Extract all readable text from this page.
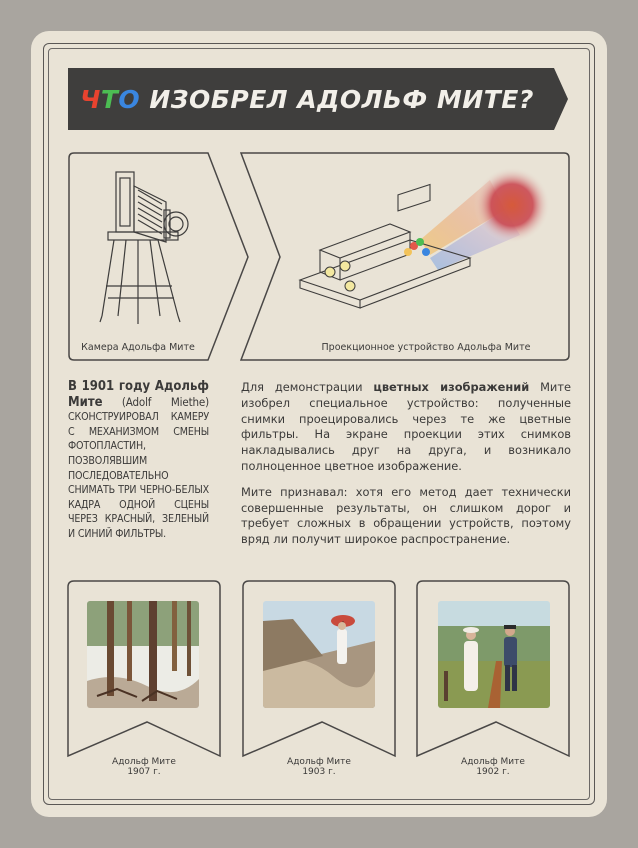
Ч Т О ИЗОБРЕЛ АДОЛЬФ МИТЕ?
Камера Адольфа Мите	Проекционное устройство Адольфа Мите
В 1901 году Адольф Мите (Adolf Miethe) СКОНСТРУИРОВАЛ КАМЕРУ С МЕХАНИЗМОМ СМЕНЫ ФОТОПЛАСТИН, ПОЗВОЛЯВШИМ ПОСЛЕДОВАТЕЛЬНО СНИМАТЬ ТРИ ЧЕРНО-БЕЛЫХ КАДРА ОДНОЙ СЦЕНЫ ЧЕРЕЗ КРАСНЫЙ, ЗЕЛЕНЫЙ И СИНИЙ ФИЛЬТРЫ.

Для демонстрации цветных изображений Мите изобрел специальное устройство: полученные снимки проецировались через те же цветные фильтры. На экране проекции этих снимков накладывались друг на друга, и возникало полноценное цветное изображение.

Мите признавал: хотя его метод дает технически совершенные результаты, он слишком дорог и требует сложных в обращении устройств, поэтому вряд ли получит широкое распространение.

Адольф Мите
1907 г.
Адольф Мите
1903 г.
Адольф Мите
1902 г.
